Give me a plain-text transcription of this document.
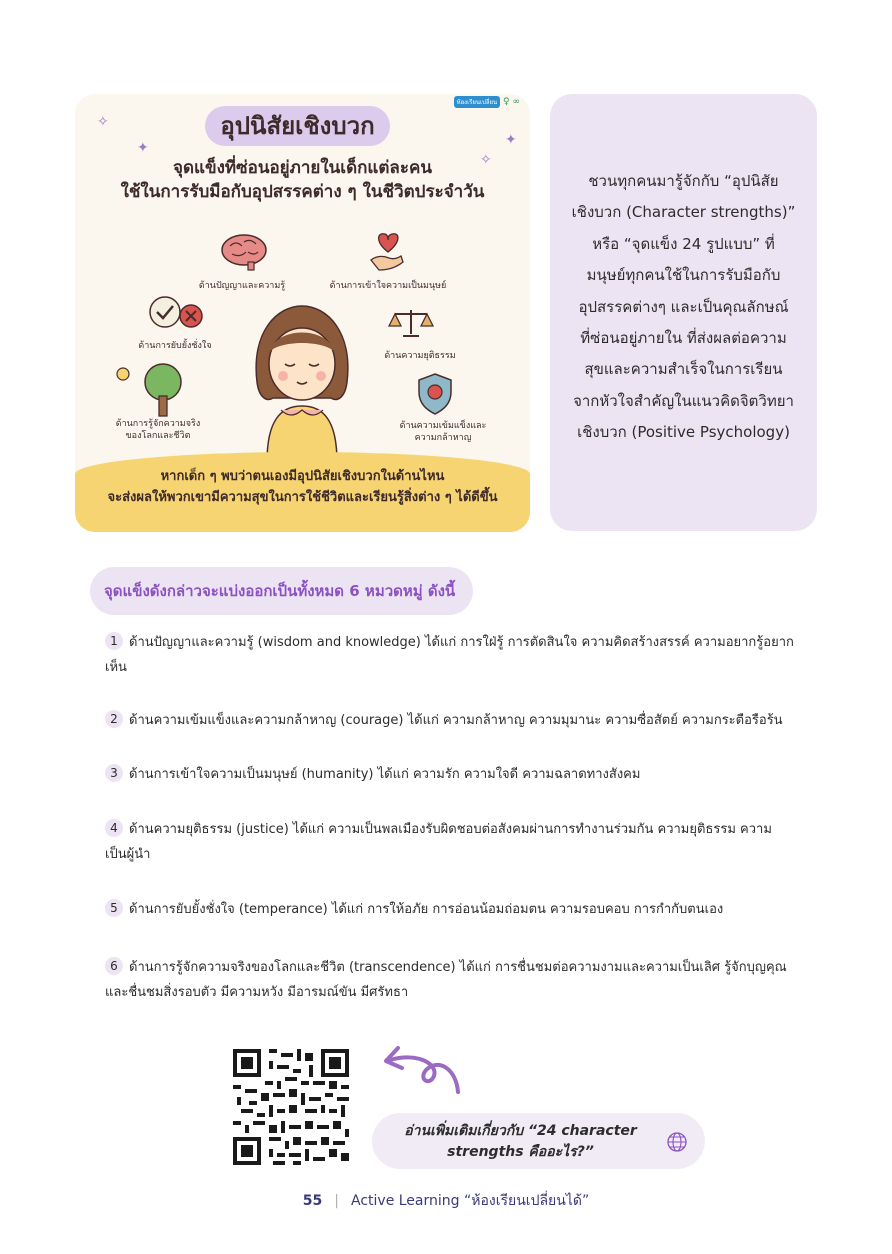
ห้องเรียนเปลี่ยน ♀ ∞
✧
✦	✦
✧
อุปนิสัยเชิงบวก
จุดแข็งที่ซ่อนอยู่ภายในเด็กแต่ละคน
ใช้ในการรับมือกับอุปสรรคต่าง ๆ ในชีวิตประจำวัน
ด้านปัญญาและความรู้	ด้านการเข้าใจความเป็นมนุษย์
ด้านการยับยั้งชั่งใจ
ด้านความยุติธรรม
ด้านการรู้จักความจริง
ของโลกและชีวิต
ด้านความเข้มแข็งและ
ความกล้าหาญ
หากเด็ก ๆ พบว่าตนเองมีอุปนิสัยเชิงบวกในด้านไหน
จะส่งผลให้พวกเขามีความสุขในการใช้ชีวิตและเรียนรู้สิ่งต่าง ๆ ได้ดีขึ้น
ชวนทุกคนมารู้จักกับ “อุปนิสัย
เชิงบวก (Character strengths)”
หรือ “จุดแข็ง 24 รูปแบบ” ที่
มนุษย์ทุกคนใช้ในการรับมือกับ
อุปสรรคต่างๆ และเป็นคุณลักษณ์
ที่ซ่อนอยู่ภายใน ที่ส่งผลต่อความ
สุขและความสำเร็จในการเรียน
จากหัวใจสำคัญในแนวคิดจิตวิทยา
เชิงบวก (Positive Psychology)
จุดแข็งดังกล่าวจะแบ่งออกเป็นทั้งหมด 6 หมวดหมู่ ดังนี้
1 ด้านปัญญาและความรู้ (wisdom and knowledge) ได้แก่ การใฝ่รู้ การตัดสินใจ ความคิดสร้างสรรค์ ความอยากรู้อยาก
เห็น
2 ด้านความเข้มแข็งและความกล้าหาญ (courage) ได้แก่ ความกล้าหาญ ความมุมานะ ความซื่อสัตย์ ความกระตือรือร้น
3 ด้านการเข้าใจความเป็นมนุษย์ (humanity) ได้แก่ ความรัก ความใจดี ความฉลาดทางสังคม
4 ด้านความยุติธรรม (justice) ได้แก่ ความเป็นพลเมืองรับผิดชอบต่อสังคมผ่านการทำงานร่วมกัน ความยุติธรรม ความ
เป็นผู้นำ
5 ด้านการยับยั้งชั่งใจ (temperance) ได้แก่ การให้อภัย การอ่อนน้อมถ่อมตน ความรอบคอบ การกำกับตนเอง
6 ด้านการรู้จักความจริงของโลกและชีวิต (transcendence) ได้แก่ การชื่นชมต่อความงามและความเป็นเลิศ รู้จักบุญคุณ
และชื่นชมสิ่งรอบตัว มีความหวัง มีอารมณ์ขัน มีศรัทธา
อ่านเพิ่มเติมเกี่ยวกับ “24 character
strengths คืออะไร?”
55 | Active Learning “ห้องเรียนเปลี่ยนได้”
